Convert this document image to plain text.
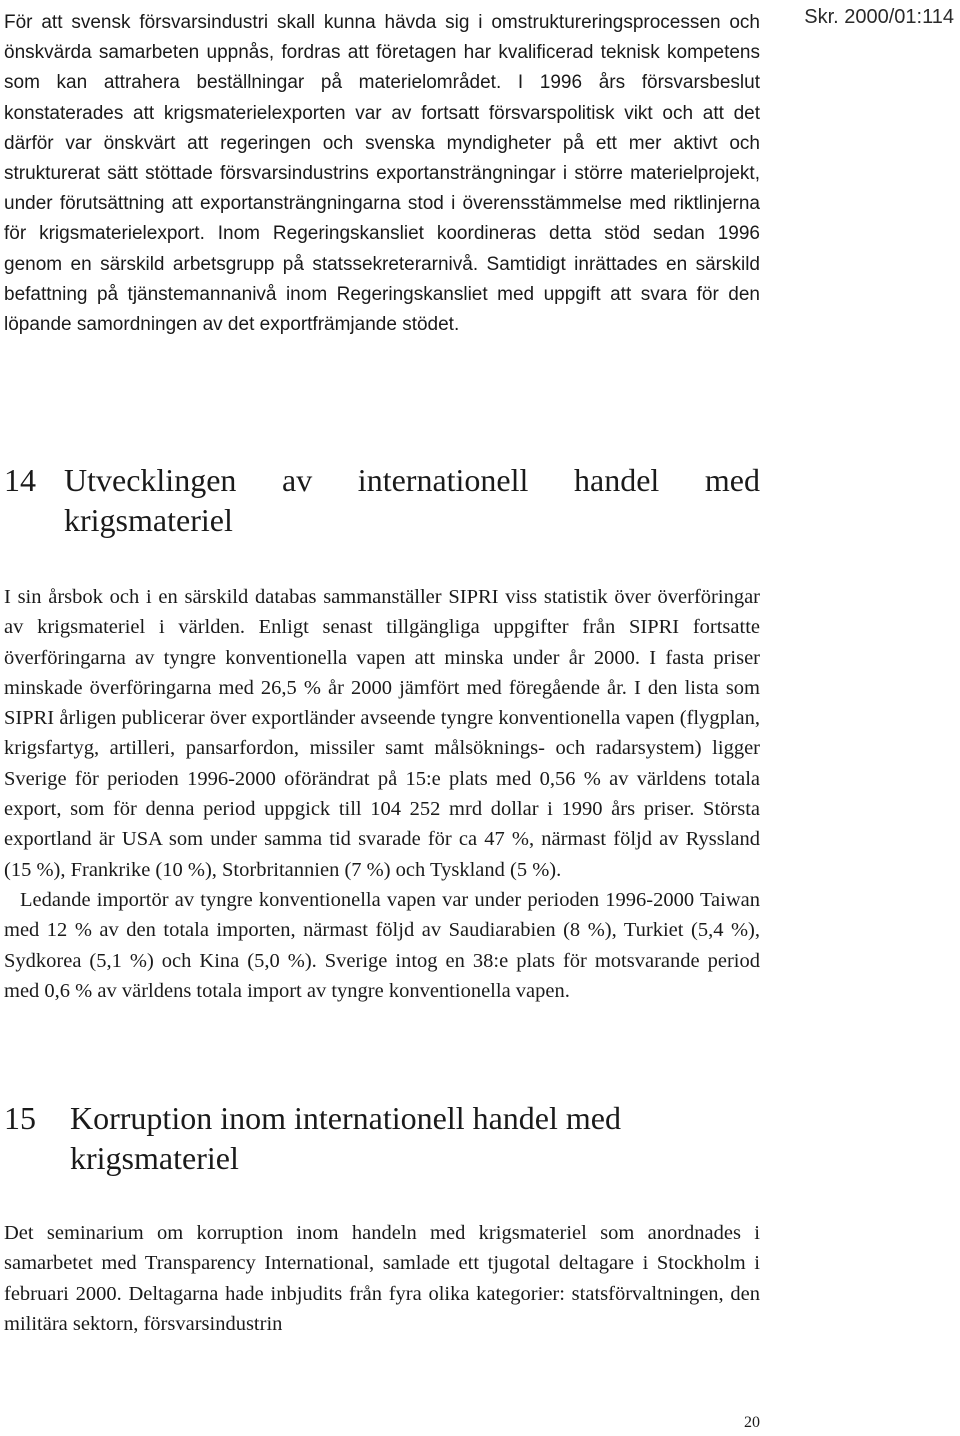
Skr. 2000/01:114

För att svensk försvarsindustri skall kunna hävda sig i omstruktureringsprocessen och önskvärda samarbeten uppnås, fordras att företagen har kvalificerad teknisk kompetens som kan attrahera beställningar på materielområdet. I 1996 års försvarsbeslut konstaterades att krigsmaterielexporten var av fortsatt försvarspolitisk vikt och att det därför var önskvärt att regeringen och svenska myndigheter på ett mer aktivt och strukturerat sätt stöttade försvarsindustrins exportansträngningar i större materielprojekt, under förutsättning att exportansträngningarna stod i överensstämmelse med riktlinjerna för krigsmaterielexport. Inom Regeringskansliet koordineras detta stöd sedan 1996 genom en särskild arbetsgrupp på statssekreterarnivå. Samtidigt inrättades en särskild befattning på tjänstemannanivå inom Regeringskansliet med uppgift att svara för den löpande samordningen av det exportfrämjande stödet.

14 Utvecklingen av internationell handel med krigsmateriel

I sin årsbok och i en särskild databas sammanställer SIPRI viss statistik över överföringar av krigsmateriel i världen. Enligt senast tillgängliga uppgifter från SIPRI fortsatte överföringarna av tyngre konventionella vapen att minska under år 2000. I fasta priser minskade överföringarna med 26,5 % år 2000 jämfört med föregående år. I den lista som SIPRI årligen publicerar över exportländer avseende tyngre konventionella vapen (flygplan, krigsfartyg, artilleri, pansarfordon, missiler samt målsöknings- och radarsystem) ligger Sverige för perioden 1996-2000 oförändrat på 15:e plats med 0,56 % av världens totala export, som för denna period uppgick till 104 252 mrd dollar i 1990 års priser. Största exportland är USA som under samma tid svarade för ca 47 %, närmast följd av Ryssland (15 %), Frankrike (10 %), Storbritannien (7 %) och Tyskland (5 %).

Ledande importör av tyngre konventionella vapen var under perioden 1996-2000 Taiwan med 12 % av den totala importen, närmast följd av Saudiarabien (8 %), Turkiet (5,4 %), Sydkorea (5,1 %) och Kina (5,0 %). Sverige intog en 38:e plats för motsvarande period med 0,6 % av världens totala import av tyngre konventionella vapen.

15	Korruption inom internationell handel med krigsmateriel

Det seminarium om korruption inom handeln med krigsmateriel som anordnades i samarbetet med Transparency International, samlade ett tjugotal deltagare i Stockholm i februari 2000. Deltagarna hade inbjudits från fyra olika kategorier: statsförvaltningen, den militära sektorn, försvarsindustrin

20
